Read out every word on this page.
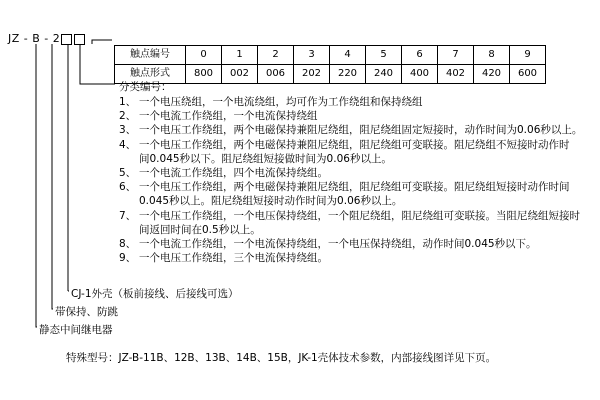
JZ - B - 2
触点编号	0	1	2	3	4	5	6	7	8	9
触点形式	800	002	006	202	220	240	400	402	420	600
分类编号：
1、 一个电压绕组，一个电流绕组，均可作为工作绕组和保持绕组
2、 一个电流工作绕组，一个电流保持绕组
3、 一个电压工作绕组，两个电磁保持兼阻尼绕组，阻尼绕组固定短接时，动作时间为0.06秒以上。
4、 一个电压工作绕组，两个电磁保持兼阻尼绕组，阻尼绕组可变联接。阻尼绕组不短接时动作时
间0.045秒以下。阻尼绕组短接做时间为0.06秒以上。
5、 一个电流工作绕组，四个电流保持绕组。
6、 一个电压工作绕组，两个电磁保持兼阻尼绕组，阻尼绕组可变联接。阻尼绕组短接时动作时间
0.045秒以上。阻尼绕组短接时动作时间为0.06秒以上。
7、 一个电压工作绕组，一个电压保持绕组，一个阻尼绕组，阻尼绕组可变联接。当阻尼绕组短接时
间返回时间在0.5秒以上。
8、 一个电流工作绕组，一个电流保持绕组，一个电压保持绕组，动作时间0.045秒以下。
9、 一个电压工作绕组，三个电流保持绕组。
CJ-1外壳（板前接线、后接线可选）
带保持、防跳
静态中间继电器
特殊型号：JZ-B-11B、12B、13B、14B、15B，JK-1壳体技术参数，内部接线图详见下页。
